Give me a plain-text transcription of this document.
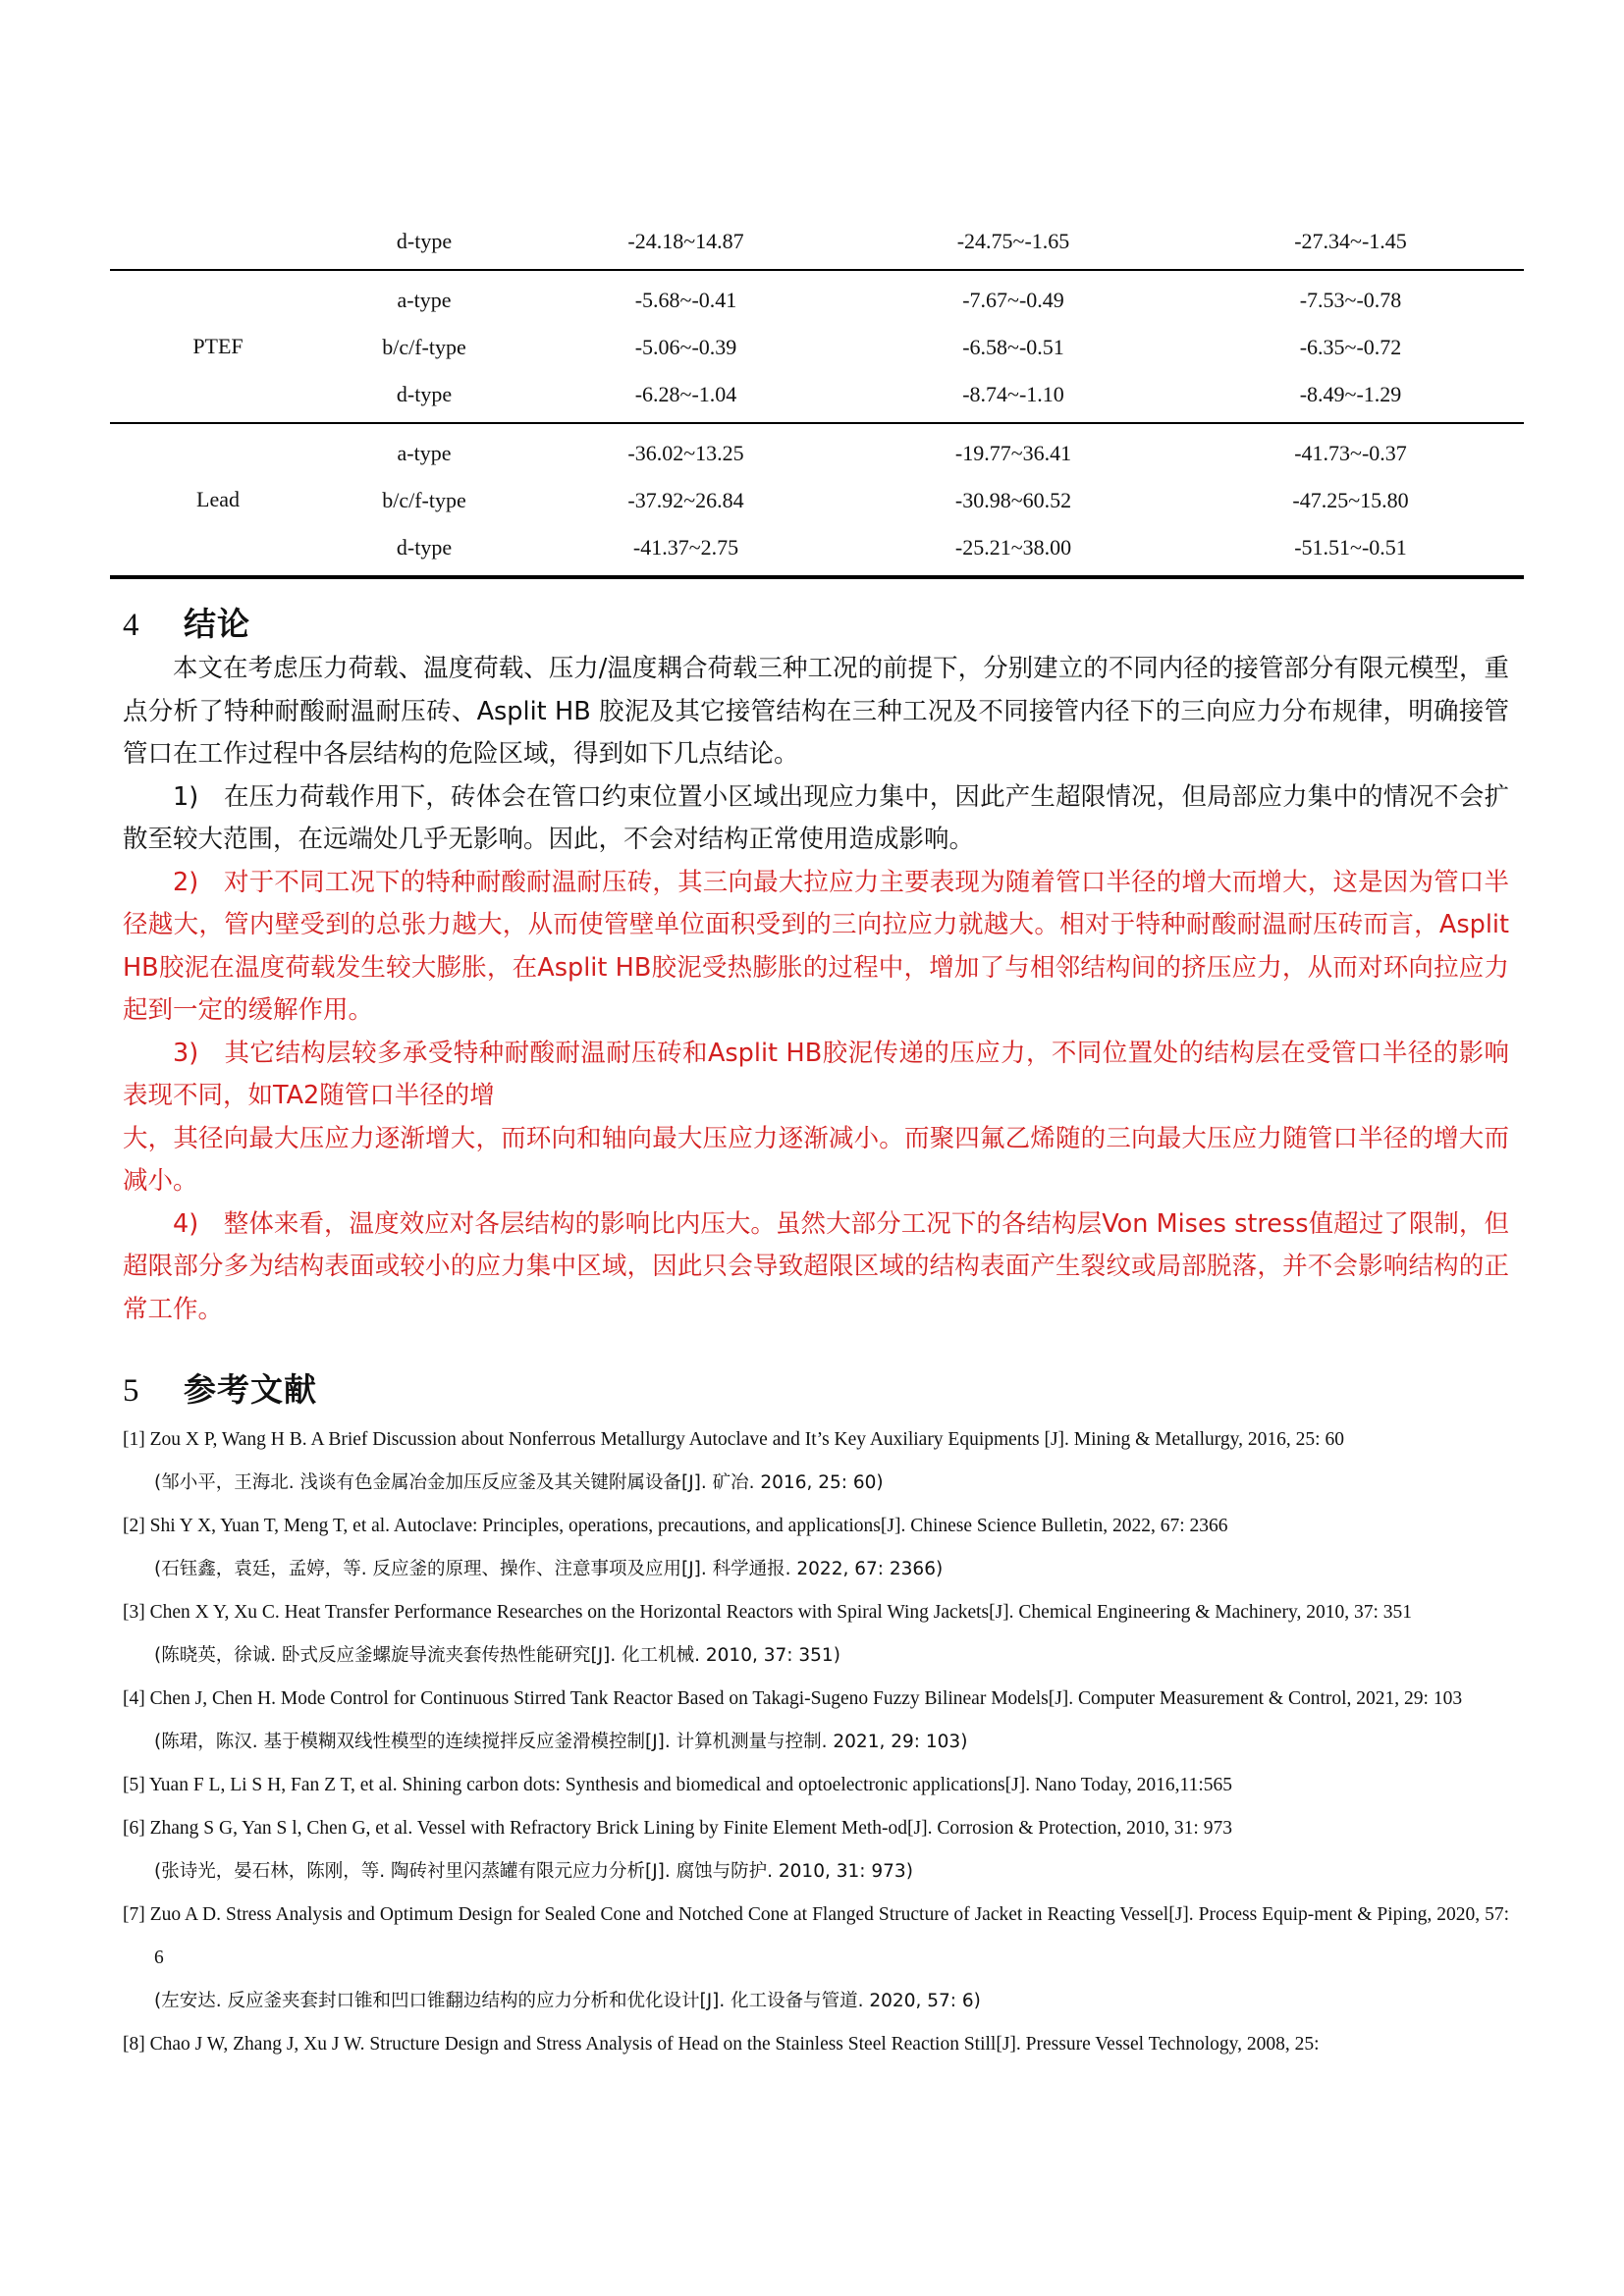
d-type	-24.18~14.87	-24.75~-1.65	-27.34~-1.45
PTEF
a-type	-5.68~-0.41	-7.67~-0.49	-7.53~-0.78
b/c/f-type	-5.06~-0.39	-6.58~-0.51	-6.35~-0.72
d-type	-6.28~-1.04	-8.74~-1.10	-8.49~-1.29
Lead
a-type	-36.02~13.25	-19.77~36.41	-41.73~-0.37
b/c/f-type	-37.92~26.84	-30.98~60.52	-47.25~15.80
d-type	-41.37~2.75	-25.21~38.00	-51.51~-0.51
4 结论

本文在考虑压力荷载、温度荷载、压力/温度耦合荷载三种工况的前提下，分别建立的不同内径的接管部分有限元模型，重点分析了特种耐酸耐温耐压砖、Asplit HB 胶泥及其它接管结构在三种工况及不同接管内径下的三向应力分布规律，明确接管管口在工作过程中各层结构的危险区域，得到如下几点结论。

1)　在压力荷载作用下，砖体会在管口约束位置小区域出现应力集中，因此产生超限情况，但局部应力集中的情况不会扩散至较大范围，在远端处几乎无影响。因此，不会对结构正常使用造成影响。

2)　对于不同工况下的特种耐酸耐温耐压砖，其三向最大拉应力主要表现为随着管口半径的增大而增大，这是因为管口半径越大，管内壁受到的总张力越大，从而使管壁单位面积受到的三向拉应力就越大。相对于特种耐酸耐温耐压砖而言，Asplit HB胶泥在温度荷载发生较大膨胀，在Asplit HB胶泥受热膨胀的过程中，增加了与相邻结构间的挤压应力，从而对环向拉应力起到一定的缓解作用。

3)　其它结构层较多承受特种耐酸耐温耐压砖和Asplit HB胶泥传递的压应力，不同位置处的结构层在受管口半径的影响表现不同，如TA2随管口半径的增

大，其径向最大压应力逐渐增大，而环向和轴向最大压应力逐渐减小。而聚四氟乙烯随的三向最大压应力随管口半径的增大而减小。

4)　整体来看，温度效应对各层结构的影响比内压大。虽然大部分工况下的各结构层Von Mises stress值超过了限制，但超限部分多为结构表面或较小的应力集中区域，因此只会导致超限区域的结构表面产生裂纹或局部脱落，并不会影响结构的正常工作。

5 参考文献
[1] Zou X P, Wang H B. A Brief Discussion about Nonferrous Metallurgy Autoclave and It’s Key Auxiliary Equipments [J]. Mining & Metallurgy, 2016, 25: 60
(邹小平，王海北. 浅谈有色金属冶金加压反应釜及其关键附属设备[J]. 矿冶. 2016, 25: 60)
[2] Shi Y X, Yuan T, Meng T, et al. Autoclave: Principles, operations, precautions, and applications[J]. Chinese Science Bulletin, 2022, 67: 2366
(石钰鑫，袁廷，孟婷，等. 反应釜的原理、操作、注意事项及应用[J]. 科学通报. 2022, 67: 2366)
[3] Chen X Y, Xu C. Heat Transfer Performance Researches on the Horizontal Reactors with Spiral Wing Jackets[J]. Chemical Engineering & Machinery, 2010, 37: 351
(陈晓英，徐诚. 卧式反应釜螺旋导流夹套传热性能研究[J]. 化工机械. 2010, 37: 351)
[4] Chen J, Chen H. Mode Control for Continuous Stirred Tank Reactor Based on Takagi-Sugeno Fuzzy Bilinear Models[J]. Computer Measurement & Control, 2021, 29: 103
(陈珺，陈汉. 基于模糊双线性模型的连续搅拌反应釜滑模控制[J]. 计算机测量与控制. 2021, 29: 103)
[5] Yuan F L, Li S H, Fan Z T, et al. Shining carbon dots: Synthesis and biomedical and optoelectronic applications[J]. Nano Today, 2016,11:565
[6] Zhang S G, Yan S l, Chen G, et al. Vessel with Refractory Brick Lining by Finite Element Meth-od[J]. Corrosion & Protection, 2010, 31: 973
(张诗光，晏石林，陈刚，等. 陶砖衬里闪蒸罐有限元应力分析[J]. 腐蚀与防护. 2010, 31: 973)
[7] Zuo A D. Stress Analysis and Optimum Design for Sealed Cone and Notched Cone at Flanged Structure of Jacket in Reacting Vessel[J]. Process Equip-ment & Piping, 2020, 57: 6
(左安达. 反应釜夹套封口锥和凹口锥翻边结构的应力分析和优化设计[J]. 化工设备与管道. 2020, 57: 6)
[8] Chao J W, Zhang J, Xu J W. Structure Design and Stress Analysis of Head on the Stainless Steel Reaction Still[J]. Pressure Vessel Technology, 2008, 25:
